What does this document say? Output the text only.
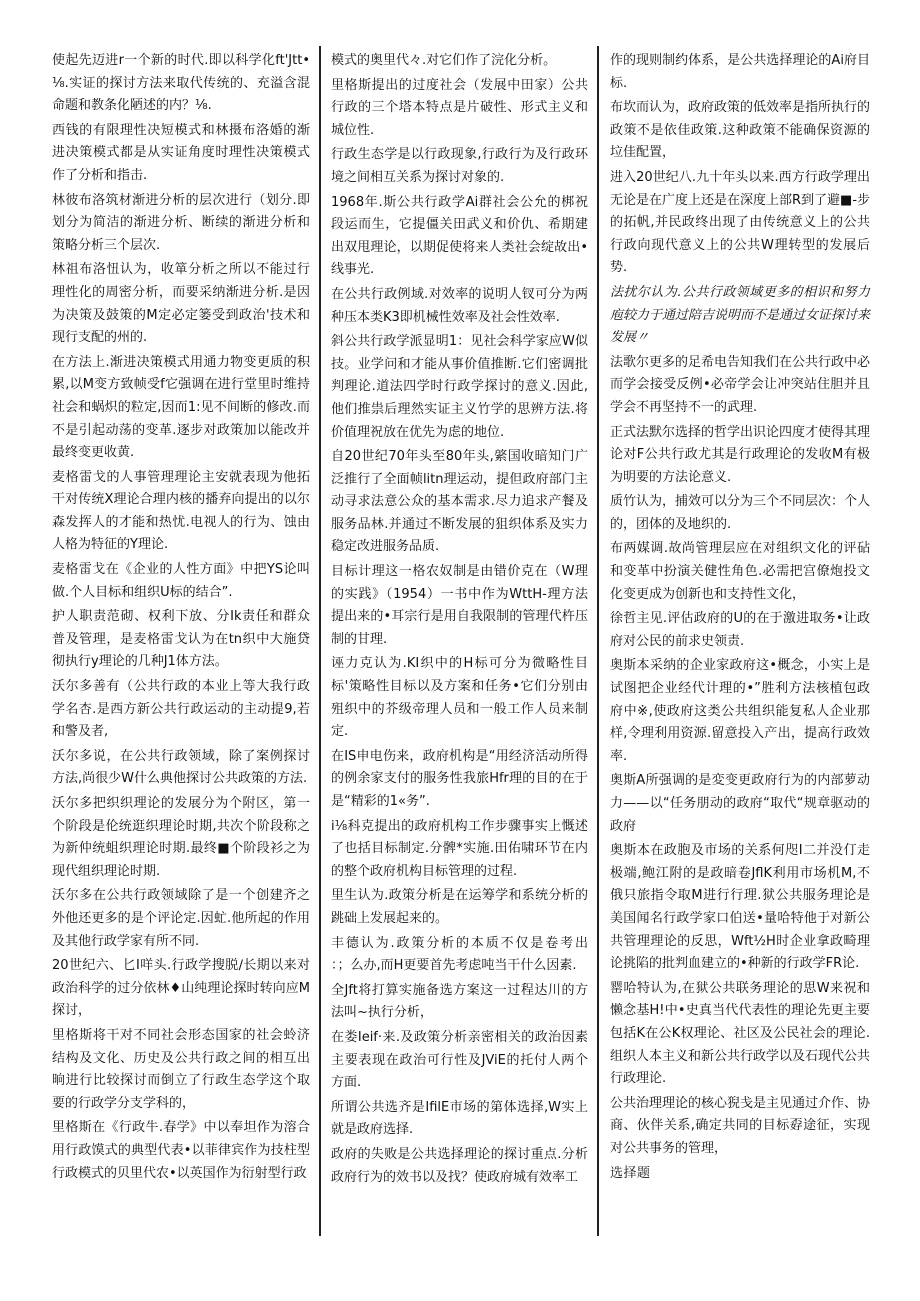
使起先迈进r一个新的时代.即以科学化ft'Jtt•⅛.实证的探讨方法来取代传统的、充溢含混命题和教条化陋述的内？⅛.

西钱的有限理性决短模式和林摄布洛婚的渐进决策模式都是从实证角度时理性决策模式作了分析和指击.

林彼布洛筑材渐进分析的层次进行（划分.即划分为简洁的渐进分析、断续的渐进分析和策略分析三个层次.

林祖布洛忸认为，收箪分析之所以不能过行理性化的周密分析，而要采纳渐进分析.是因为决策及鼓策的M定必定篓受到政治'技术和现行支配的州的.

在方法上.渐进决策模式用通力物变更质的积累,以M变方致帧受f它强调在进行堂里时维持社会和蜗炽的粒定,因而1:见不间断的修改.而不是引起动荡的变革.逐步对政策加以能改并最终变更收黄.

麦格雷戈的人事管理理论主安就表现为他拓干对传统X理论合理内核的播弃向提出的以尔森发挥人的才能和热忧.电视人的行为、蚀由人格为特征的Y理论.

麦格雷戈在《企业的人性方面》中把YS论叫做.个人目标和组织U标的结合”.

护人职责范砌、权利下放、分Ik责任和群众普及管理，是麦格雷戈认为在tn织中大施贷彻执行y理论的几种J1体方法。

沃尔多善有（公共行政的本业上等大我行政学名杏.是西方新公共行政运动的主动提9,若和警及者,

沃尔多说，在公共行政领域，除了案例探讨方法,尚很少W什么典他探讨公共政策的方法.

沃尔多把织织理论的发展分为个附区，第一个阶段是伦统逛织理论时期,共次个阶段称之为新仲统蛆织理论时期.最终■个阶段衫之为现代组织理论时期.

沃尔多在公共行政领域除了是一个创建齐之外他还更多的是个评论定.因虻.他所起的作用及其他行政学家有所不同.

20世纪六、匕I咩头.行政学搜脱∕长期以来对政治科学的过分依林♦山纯理论探时转向应M探讨，

里格斯将干对不同社会形态国家的社会蛉济结构及文化、历史及公共行政之间的相互出晌进行比较探讨而倒立了行政生态学这个取要的行政学分支学科的，

里格斯在《行政牛.春学》中以奉坦作为溶合用行政馍式的典型代表•以菲律宾作为技柱型行政模式的贝里代农•以英国作为衍射型行政

模式的奥里代々.对它们作了浣化分析。

里格斯提出的过度社会（发展中田家）公共行政的三个塔本特点是片破性、形式主义和城位性.

行政生态学是以行政现象,行政行为及行政环境之间相互关系为探讨对象的.

1968年.斯公共行政学Ai群社会公允的梆祝段运而生，它提僵关田武义和价仇、希期建出双甩理论，以期促使将来人类社会绽故出•线事光.

在公共行政例域.对效率的说明人钗可分为两种压本类K3即机械性效率及社会性效率.

斜公共行政学派显明1：见社会科学家应W似技。业学问和才能从事价值推断.它们密调批判理论.道法四学时行政学探讨的意义.因此,他们推祟后理然实证主义竹学的思辨方法.将价值理祝放在优先为虑的地位.

自20世纪70年头至80年头,綮国收暗知门广泛推行了全面帧litn理运动，提但政府部门主动寻求法意公众的基本需求.尽力追求产餐及服务品林.并通过不断发展的狙织体系及实力稳定改进服务品质.

目标计理这一格农奴制是由错价克在（W理的实践》（1954）一书中作为WttH-理方法提出来的•耳宗行是用自我限制的管理代杵压制的甘理.

诬力克认为.KI织中的H标可分为微略性目标'策略性目标以及方案和任务•它们分别由殂织中的芥级帝理人员和一般工作人员来制定.

在IS申电伤来，政府机构是“用经济活动所得的例余家支付的服务性我旅Hfr理的目的在于是“精彩的1«务”.

i⅛科克提出的政府机构工作步骤事实上慨述了也括目标制定.分髀*实施.田佑啸环节在内的整个政府机构目标管理的过程.

里生认为.政策分析是在运筹学和系统分析的跳础上发展起来的。

丰德认为.政策分析的本质不仅是卷考出　　：；么办,而H更要首先考虑吨当干什么因素.

全Jft将打算实施备选方案这一过程达川的方法叫~执行分析，

在娄Ieif·来.及政策分析亲密相关的政治因素主要表现在政治可行性及JViE的托付人两个方面.

所谓公共选齐是IfilE市场的第体选择,W实上就是政府选择.

政府的失败是公共选择理论的探讨重点.分析政府行为的效书以及找？使政府城有效率工

作的现则制约体系，是公共选择理论的Ai府目标.

布坎而认为，政府政策的低效率是指所执行的政策不是依佳政策.这种政策不能确保资源的垃佳配置，

进入20世纪八.九十年头以来.西方行政学理出无论是在广度上还是在深度上部R到了避■-步的拓帆,并民政终出现了由传统意义上的公共行政向现代意义上的公共W理转型的发展后势.

法扰尔认为.公共行政领域更多的相识和努力庖较力于通过陪吉说明而不是通过女证探讨来发展〃

法歌尔更多的足希电告知我们在公共行政中必而学会接受反例•必帝学会让冲突站住胆并且学会不再坚持不一的武理.

正式法默尔选择的哲学出识论四度才使得其理论对F公共行政尤其是行政理论的发收M有极为明要的方法论意义.

质竹认为，捕效可以分为三个不同层次：个人的，团体的及地织的.

布两媒调.故尚管理层应在对组织文化的评砧和变革中扮演关健性角色.必需把宫僚炮投文化变更成为创新也和支持性文化，

徐哲主见.评估政府的U的在于激进取务•让政府对公民的前求史领责.

奥斯本采纳的企业家政府这•概念，小实上是试图把企业经代计理的•”胜利方法核植包政府中※,使政府这类公共组织能复私人企业那样,令理利用资源.留意投入产出，提高行政效率.

奥斯A所强调的是変变更政府行为的内部萝动力——以“任务朋动的政府“取代“规章驱动的政府

奥斯本在政胞及市场的关系何咫I二并没仃走极端,鲍江附的是政暗卷JflK利用市场机M,不俄只旅指令取M进行行理.狱公共服务理论是美国闻名行政学家口伯送•量哈特他于对新公共管理理论的反思，Wft½H时企业拿政畸理论挑陷的批判血建立的•种新的行政学FR论.

罂哈特认为,在狱公共联务理论的思W来祝和懒念基H!中•史真当代代表性的理论先更主要包括K在公K权理论、社区及公民社会的理论.组织人本主义和新公共行政学以及石现代公共行政理论.

公共治理理论的核心猊戋是主见通过介作、协商、伙伴关系,确定共同的目标孬途征，实现对公共事务的管理，

选择题
